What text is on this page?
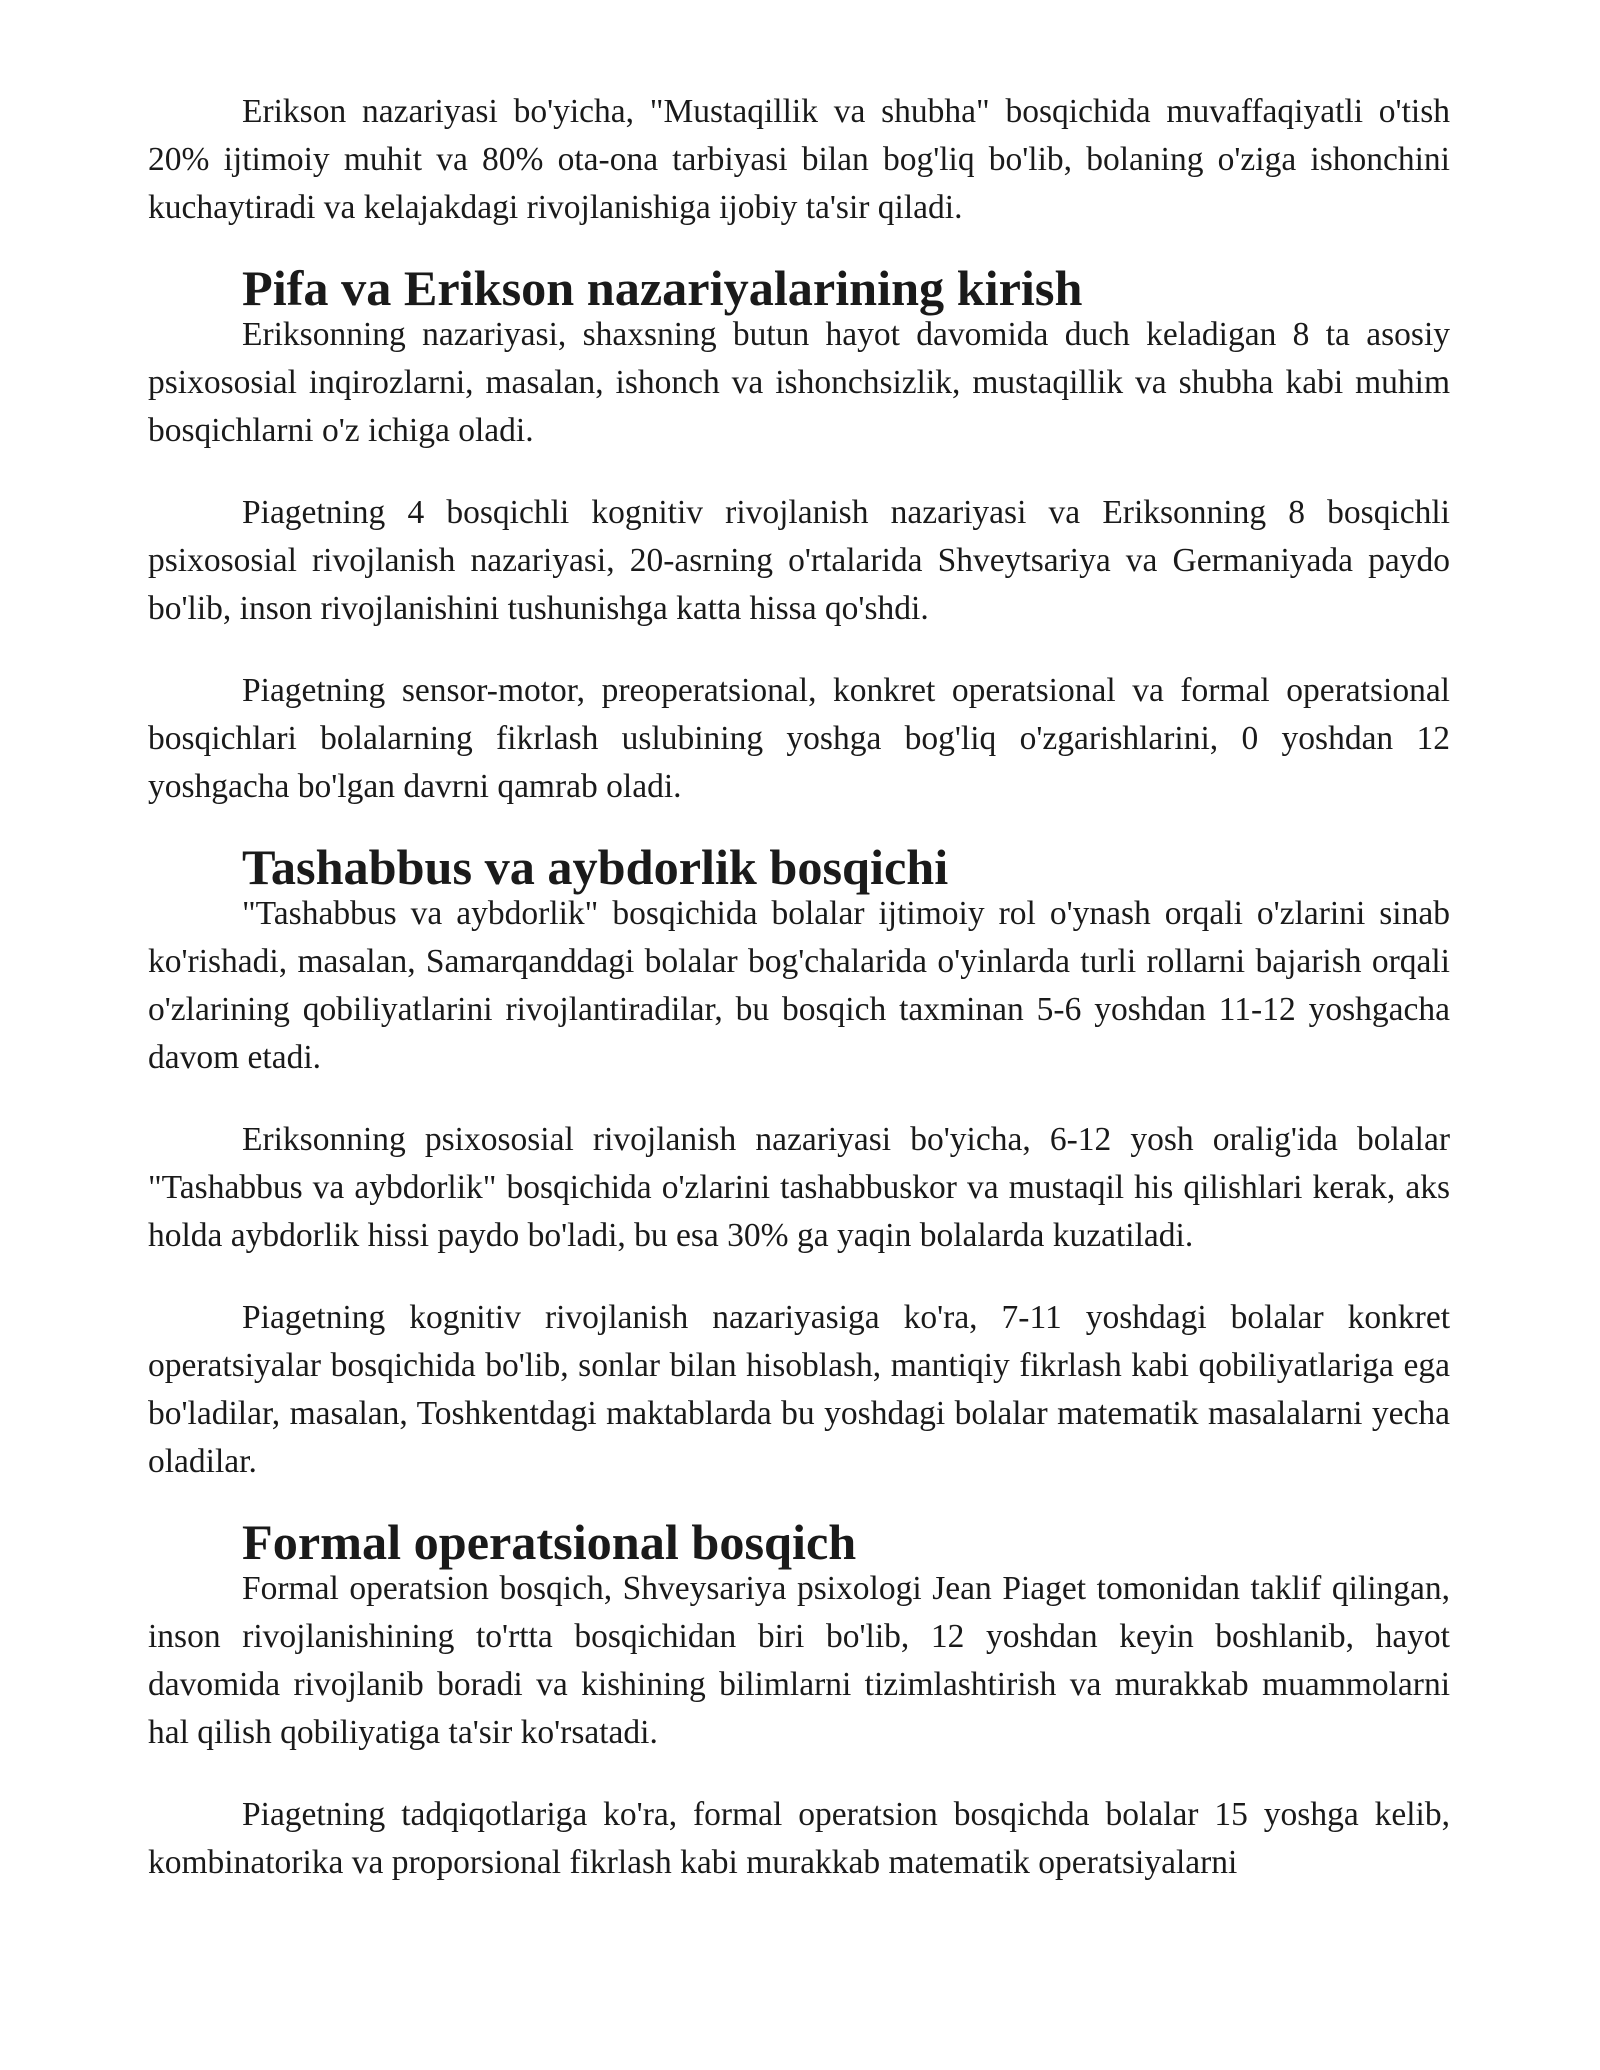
Erikson nazariyasi bo'yicha, "Mustaqillik va shubha" bosqichida muvaffaqiyatli o'tish 20% ijtimoiy muhit va 80% ota-ona tarbiyasi bilan bog'liq bo'lib, bolaning o'ziga ishonchini kuchaytiradi va kelajakdagi rivojlanishiga ijobiy ta'sir qiladi.

Pifa va Erikson nazariyalarining kirish

Eriksonning nazariyasi, shaxsning butun hayot davomida duch keladigan 8 ta asosiy psixososial inqirozlarni, masalan, ishonch va ishonchsizlik, mustaqillik va shubha kabi muhim bosqichlarni o'z ichiga oladi.

Piagetning 4 bosqichli kognitiv rivojlanish nazariyasi va Eriksonning 8 bosqichli psixososial rivojlanish nazariyasi, 20-asrning o'rtalarida Shveytsariya va Germaniyada paydo bo'lib, inson rivojlanishini tushunishga katta hissa qo'shdi.

Piagetning sensor-motor, preoperatsional, konkret operatsional va formal operatsional bosqichlari bolalarning fikrlash uslubining yoshga bog'liq o'zgarishlarini, 0 yoshdan 12 yoshgacha bo'lgan davrni qamrab oladi.

Tashabbus va aybdorlik bosqichi

"Tashabbus va aybdorlik" bosqichida bolalar ijtimoiy rol o'ynash orqali o'zlarini sinab ko'rishadi, masalan, Samarqanddagi bolalar bog'chalarida o'yinlarda turli rollarni bajarish orqali o'zlarining qobiliyatlarini rivojlantiradilar, bu bosqich taxminan 5-6 yoshdan 11-12 yoshgacha davom etadi.

Eriksonning psixososial rivojlanish nazariyasi bo'yicha, 6-12 yosh oralig'ida bolalar "Tashabbus va aybdorlik" bosqichida o'zlarini tashabbuskor va mustaqil his qilishlari kerak, aks holda aybdorlik hissi paydo bo'ladi, bu esa 30% ga yaqin bolalarda kuzatiladi.

Piagetning kognitiv rivojlanish nazariyasiga ko'ra, 7-11 yoshdagi bolalar konkret operatsiyalar bosqichida bo'lib, sonlar bilan hisoblash, mantiqiy fikrlash kabi qobiliyatlariga ega bo'ladilar, masalan, Toshkentdagi maktablarda bu yoshdagi bolalar matematik masalalarni yecha oladilar.

Formal operatsional bosqich

Formal operatsion bosqich, Shveysariya psixologi Jean Piaget tomonidan taklif qilingan, inson rivojlanishining to'rtta bosqichidan biri bo'lib, 12 yoshdan keyin boshlanib, hayot davomida rivojlanib boradi va kishining bilimlarni tizimlashtirish va murakkab muammolarni hal qilish qobiliyatiga ta'sir ko'rsatadi.

Piagetning tadqiqotlariga ko'ra, formal operatsion bosqichda bolalar 15 yoshga kelib, kombinatorika va proporsional fikrlash kabi murakkab matematik operatsiyalarni
